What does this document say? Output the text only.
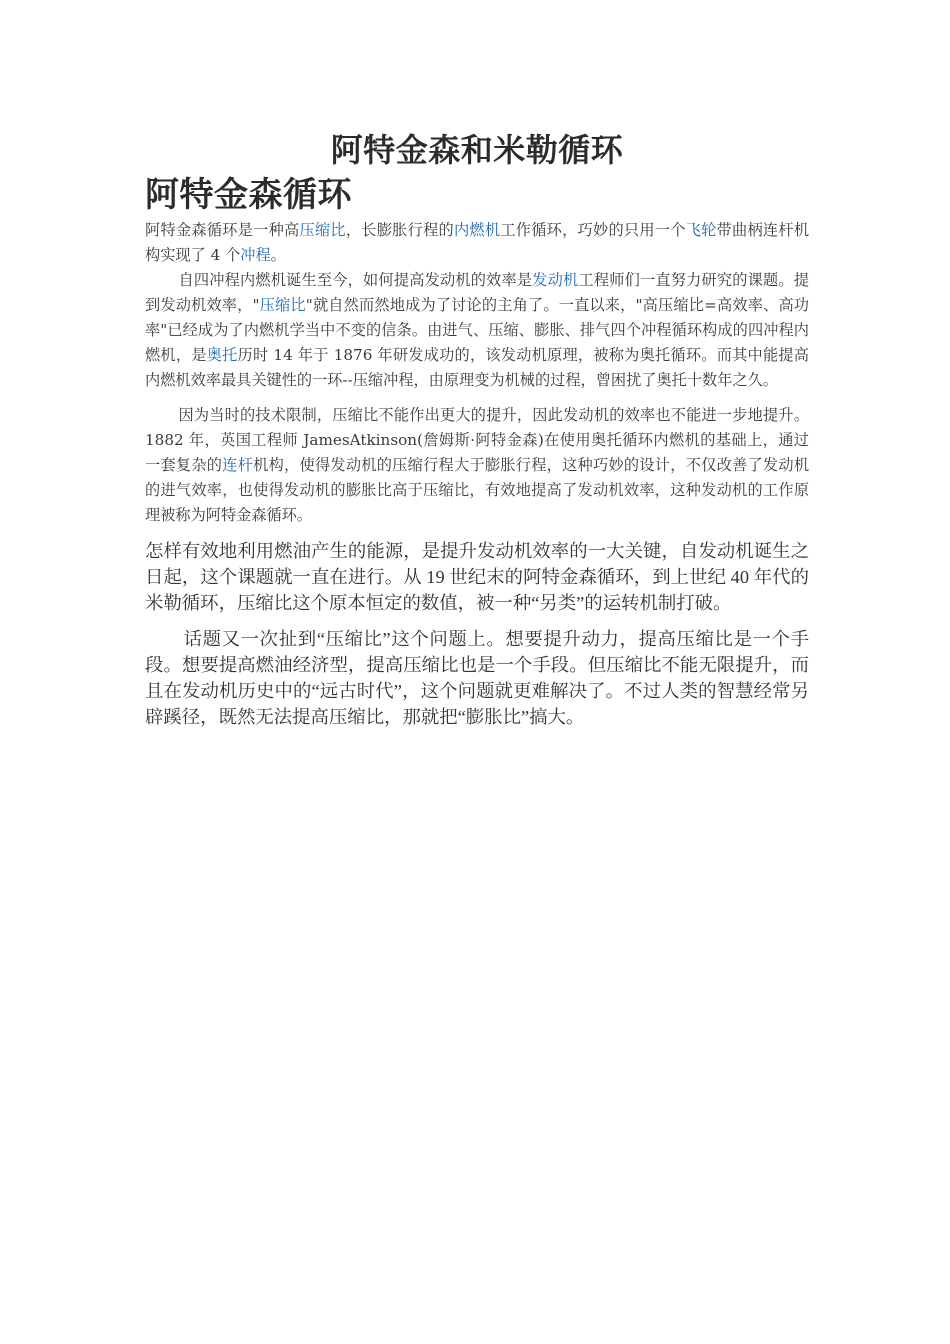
阿特金森和米勒循环
阿特金森循环

阿特金森循环是一种高压缩比，长膨胀行程的内燃机工作循环，巧妙的只用一个飞轮带曲柄连杆机构实现了 4 个冲程。

自四冲程内燃机诞生至今，如何提高发动机的效率是发动机工程师们一直努力研究的课题。提到发动机效率，"压缩比"就自然而然地成为了讨论的主角了。一直以来，"高压缩比=高效率、高功率"已经成为了内燃机学当中不变的信条。由进气、压缩、膨胀、排气四个冲程循环构成的四冲程内燃机，是奥托历时 14 年于 1876 年研发成功的，该发动机原理，被称为奥托循环。而其中能提高内燃机效率最具关键性的一环--压缩冲程，由原理变为机械的过程，曾困扰了奥托十数年之久。

因为当时的技术限制，压缩比不能作出更大的提升，因此发动机的效率也不能进一步地提升。1882 年，英国工程师 JamesAtkinson(詹姆斯·阿特金森)在使用奥托循环内燃机的基础上，通过一套复杂的连杆机构，使得发动机的压缩行程大于膨胀行程，这种巧妙的设计，不仅改善了发动机的进气效率，也使得发动机的膨胀比高于压缩比，有效地提高了发动机效率，这种发动机的工作原理被称为阿特金森循环。

怎样有效地利用燃油产生的能源，是提升发动机效率的一大关键，自发动机诞生之日起，这个课题就一直在进行。从 19 世纪末的阿特金森循环，到上世纪 40 年代的米勒循环，压缩比这个原本恒定的数值，被一种“另类”的运转机制打破。

话题又一次扯到“压缩比”这个问题上。想要提升动力，提高压缩比是一个手段。想要提高燃油经济型，提高压缩比也是一个手段。但压缩比不能无限提升，而且在发动机历史中的“远古时代”，这个问题就更难解决了。不过人类的智慧经常另辟蹊径，既然无法提高压缩比，那就把“膨胀比”搞大。
